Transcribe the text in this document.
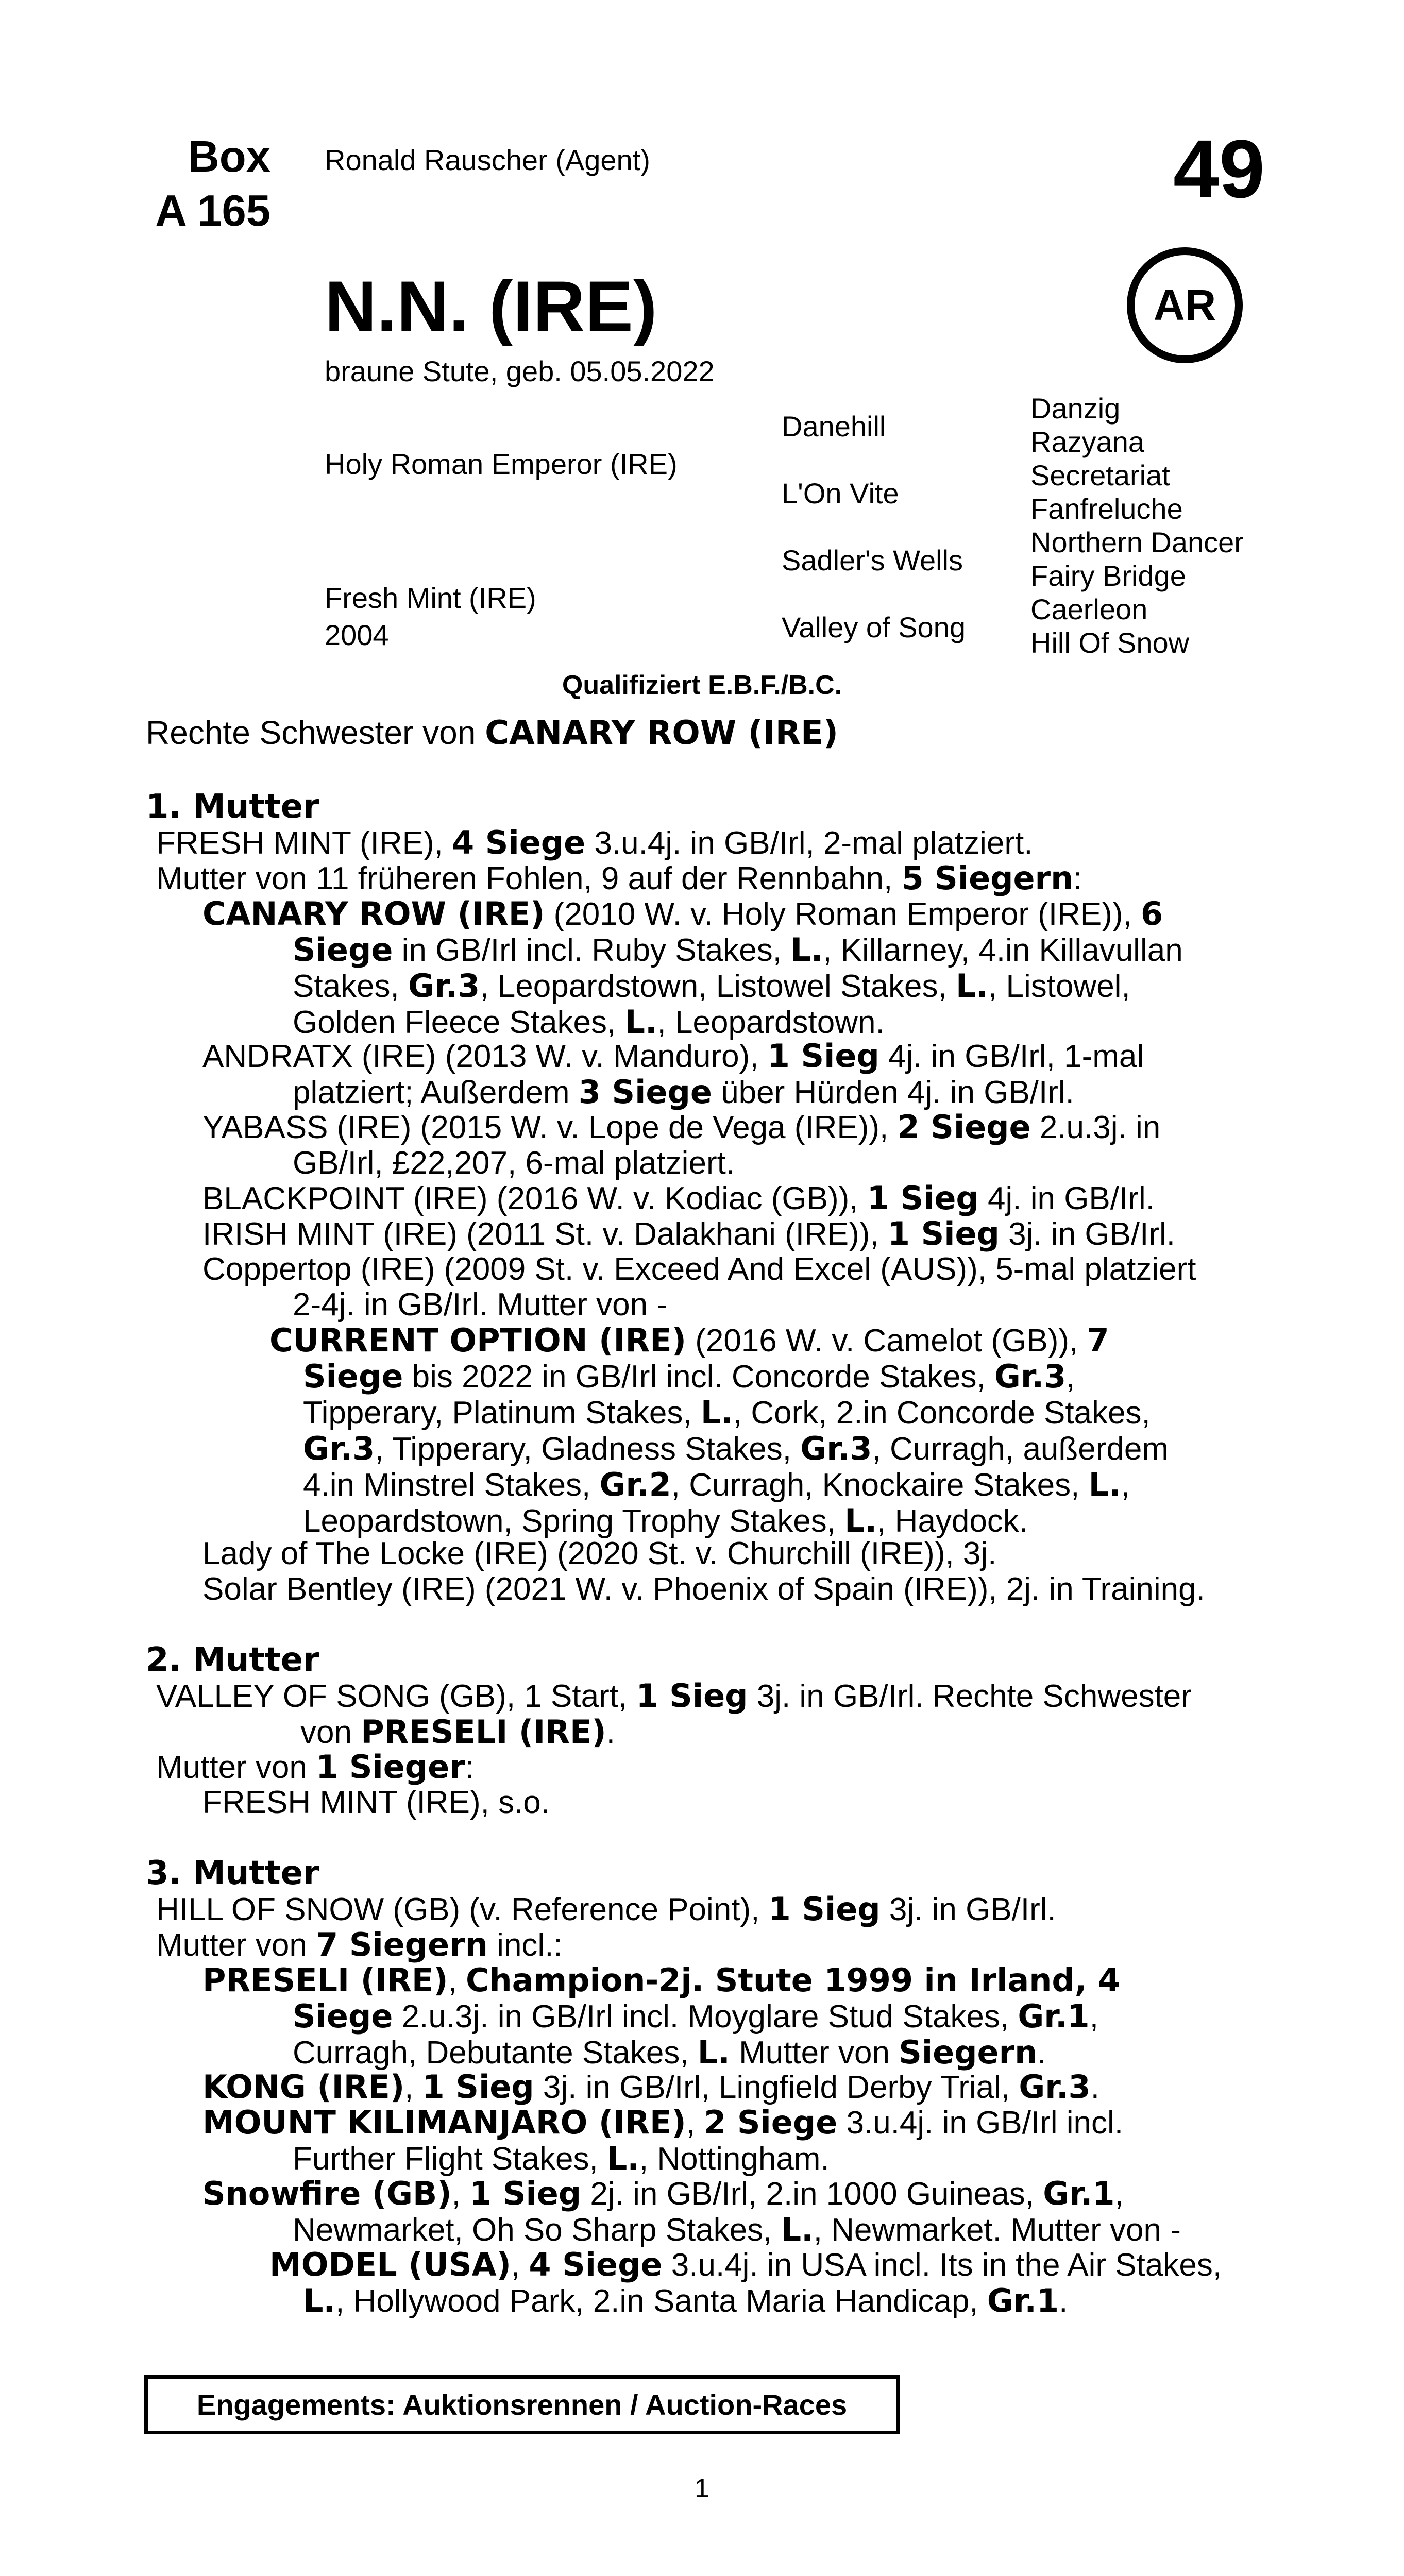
Box
A 165
Ronald Rauscher (Agent)	49
AR
N.N. (IRE)
braune Stute, geb. 05.05.2022
Holy Roman Emperor (IRE)
Fresh Mint (IRE)
2004
Danehill
L'On Vite
Sadler's Wells
Valley of Song
Danzig
Razyana
Secretariat
Fanfreluche
Northern Dancer
Fairy Bridge
Caerleon
Hill Of Snow
Qualifiziert E.B.F./B.C.
Rechte Schwester von CANARY ROW (IRE)
1. Mutter
FRESH MINT (IRE), 4 Siege 3.u.4j. in GB/Irl, 2-mal platziert.
Mutter von 11 früheren Fohlen, 9 auf der Rennbahn, 5 Siegern:
CANARY ROW (IRE) (2010 W. v. Holy Roman Emperor (IRE)), 6
Siege in GB/Irl incl. Ruby Stakes, L., Killarney, 4.in Killavullan
Stakes, Gr.3, Leopardstown, Listowel Stakes, L., Listowel,
Golden Fleece Stakes, L., Leopardstown.
ANDRATX (IRE) (2013 W. v. Manduro), 1 Sieg 4j. in GB/Irl, 1-mal
platziert; Außerdem 3 Siege über Hürden 4j. in GB/Irl.
YABASS (IRE) (2015 W. v. Lope de Vega (IRE)), 2 Siege 2.u.3j. in
GB/Irl, £22,207, 6-mal platziert.
BLACKPOINT (IRE) (2016 W. v. Kodiac (GB)), 1 Sieg 4j. in GB/Irl.
IRISH MINT (IRE) (2011 St. v. Dalakhani (IRE)), 1 Sieg 3j. in GB/Irl.
Coppertop (IRE) (2009 St. v. Exceed And Excel (AUS)), 5-mal platziert
2-4j. in GB/Irl. Mutter von -
CURRENT OPTION (IRE) (2016 W. v. Camelot (GB)), 7
Siege bis 2022 in GB/Irl incl. Concorde Stakes, Gr.3,
Tipperary, Platinum Stakes, L., Cork, 2.in Concorde Stakes,
Gr.3, Tipperary, Gladness Stakes, Gr.3, Curragh, außerdem
4.in Minstrel Stakes, Gr.2, Curragh, Knockaire Stakes, L.,
Leopardstown, Spring Trophy Stakes, L., Haydock.
Lady of The Locke (IRE) (2020 St. v. Churchill (IRE)), 3j.
Solar Bentley (IRE) (2021 W. v. Phoenix of Spain (IRE)), 2j. in Training.
2. Mutter
VALLEY OF SONG (GB), 1 Start, 1 Sieg 3j. in GB/Irl. Rechte Schwester
von PRESELI (IRE).
Mutter von 1 Sieger:
FRESH MINT (IRE), s.o.
3. Mutter
HILL OF SNOW (GB) (v. Reference Point), 1 Sieg 3j. in GB/Irl.
Mutter von 7 Siegern incl.:
PRESELI (IRE), Champion-2j. Stute 1999 in Irland, 4
Siege 2.u.3j. in GB/Irl incl. Moyglare Stud Stakes, Gr.1,
Curragh, Debutante Stakes, L. Mutter von Siegern.
KONG (IRE), 1 Sieg 3j. in GB/Irl, Lingfield Derby Trial, Gr.3.
MOUNT KILIMANJARO (IRE), 2 Siege 3.u.4j. in GB/Irl incl.
Further Flight Stakes, L., Nottingham.
Snowfire (GB), 1 Sieg 2j. in GB/Irl, 2.in 1000 Guineas, Gr.1,
Newmarket, Oh So Sharp Stakes, L., Newmarket. Mutter von -
MODEL (USA), 4 Siege 3.u.4j. in USA incl. Its in the Air Stakes,
L., Hollywood Park, 2.in Santa Maria Handicap, Gr.1.
Engagements: Auktionsrennen / Auction-Races
1
